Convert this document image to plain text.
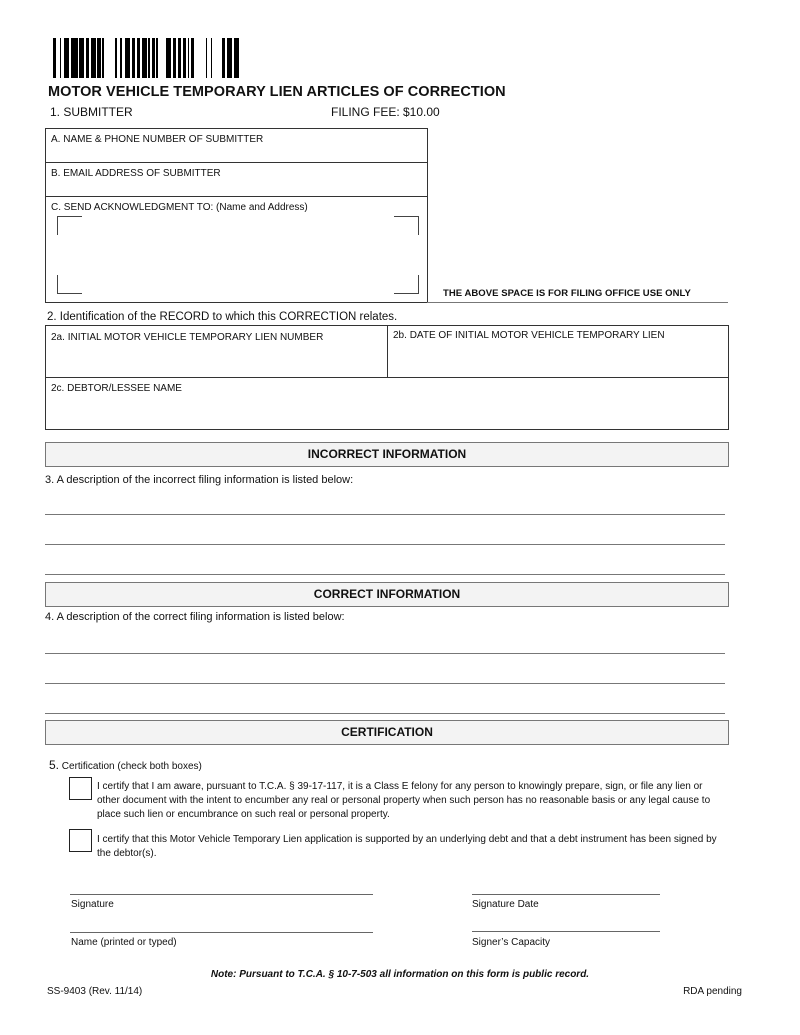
MOTOR VEHICLE TEMPORARY LIEN ARTICLES OF CORRECTION
1. SUBMITTER	FILING FEE: $10.00
A. NAME & PHONE NUMBER OF SUBMITTER
B. EMAIL ADDRESS OF SUBMITTER
C. SEND ACKNOWLEDGMENT TO: (Name and Address)
THE ABOVE SPACE IS FOR FILING OFFICE USE ONLY
2. Identification of the RECORD to which this CORRECTION relates.
2a. INITIAL MOTOR VEHICLE TEMPORARY LIEN NUMBER	2b. DATE OF INITIAL MOTOR VEHICLE TEMPORARY LIEN
2c. DEBTOR/LESSEE NAME
INCORRECT INFORMATION
3. A description of the incorrect filing information is listed below:
CORRECT INFORMATION
4. A description of the correct filing information is listed below:
CERTIFICATION
5. Certification (check both boxes)
I certify that I am aware, pursuant to T.C.A. § 39-17-117, it is a Class E felony for any person to knowingly prepare, sign, or file any lien or other document with the intent to encumber any real or personal property when such person has no reasonable basis or any legal cause to place such lien or encumbrance on such real or personal property.
I certify that this Motor Vehicle Temporary Lien application is supported by an underlying debt and that a debt instrument has been signed by the debtor(s).
Signature	Signature Date
Name (printed or typed)	Signer’s Capacity
Note: Pursuant to T.C.A. § 10-7-503 all information on this form is public record.
SS-9403 (Rev. 11/14)	RDA pending
